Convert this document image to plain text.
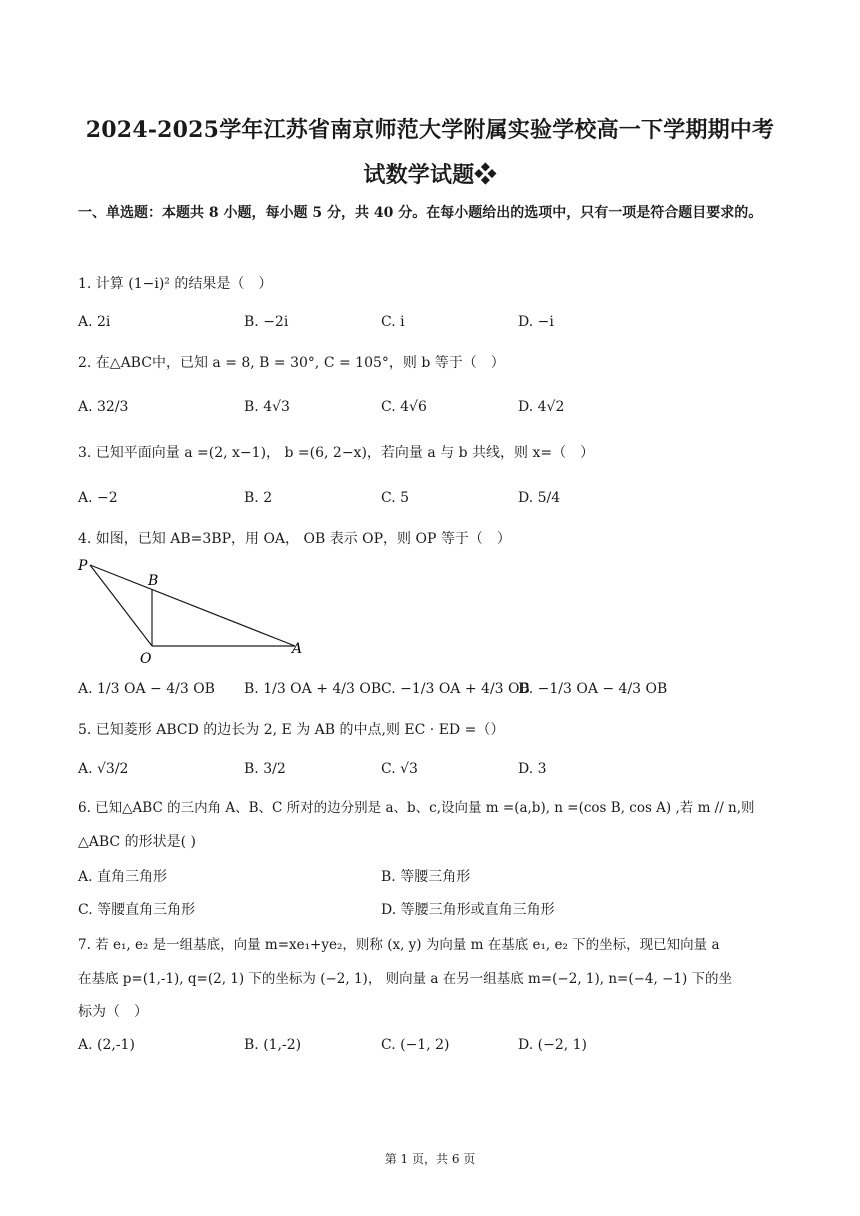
2024-2025学年江苏省南京师范大学附属实验学校高一下学期期中考
试数学试题❖
一、单选题：本题共 8 小题，每小题 5 分，共 40 分。在每小题给出的选项中，只有一项是符合题目要求的。
1. 计算 (1−i)² 的结果是（　）
A. 2i	B. −2i	C. i	D. −i
2. 在△ABC中，已知 a = 8, B = 30°, C = 105°，则 b 等于（　）
A. 32/3	B. 4√3	C. 4√6	D. 4√2
3. 已知平面向量 a =(2, x−1)， b =(6, 2−x)，若向量 a 与 b 共线，则 x=（　）
A. −2	B. 2	C. 5	D. 5/4
4. 如图，已知 AB=3BP，用 OA， OB 表示 OP，则 OP 等于（　）
P
B
O
A
A. 1/3 OA − 4/3 OB B. 1/3 OA + 4/3 OB C. −1/3 OA + 4/3 OB
D. −1/3 OA − 4/3 OB
5. 已知菱形 ABCD 的边长为 2, E 为 AB 的中点,则 EC · ED =（）
A. √3/2	B. 3/2	C. √3	D. 3
6. 已知△ABC 的三内角 A、B、C 所对的边分别是 a、b、c,设向量 m =(a,b), n =(cos B, cos A) ,若 m // n,则
△ABC 的形状是( )
A. 直角三角形	B. 等腰三角形
C. 等腰直角三角形	D. 等腰三角形或直角三角形
7. 若 e₁, e₂ 是一组基底，向量 m=xe₁+ye₂，则称 (x, y) 为向量 m 在基底 e₁, e₂ 下的坐标，现已知向量 a
在基底 p=(1,-1), q=(2, 1) 下的坐标为 (−2, 1)， 则向量 a 在另一组基底 m=(−2, 1), n=(−4, −1) 下的坐
标为（　）
A. (2,-1)	B. (1,-2)	C. (−1, 2)	D. (−2, 1)
第 1 页，共 6 页
